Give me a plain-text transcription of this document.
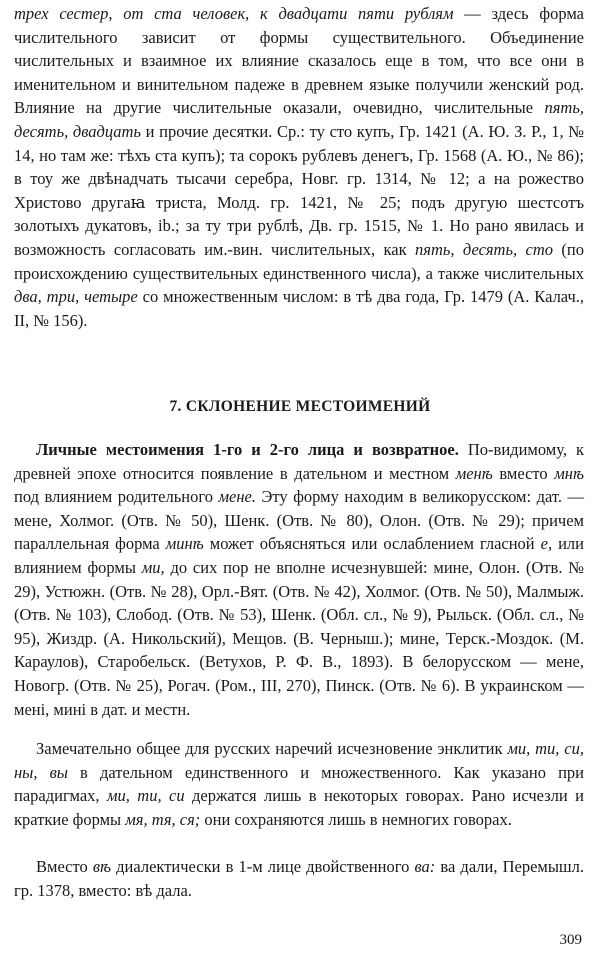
трех сестер, от ста человек, к двадцати пяти рублям — здесь форма числительного зависит от формы существительного. Объединение числительных и взаимное их влияние сказалось еще в том, что все они в именительном и винительном падеже в древнем языке получили женский род. Влияние на другие числительные оказали, очевидно, числительные пять, десять, двадцать и прочие десятки. Ср.: ту сто купъ, Гр. 1421 (А. Ю. З. Р., 1, № 14, но там же: тѣхъ ста купъ); та сорокъ рублевъ денегъ, Гр. 1568 (А. Ю., № 86); в тоу же двѣнадчать тысачи серебра, Новг. гр. 1314, № 12; а на рожество Христово другаꙗ триста, Молд. гр. 1421, № 25; подъ другую шестсотъ золотыхъ дукатовъ, ib.; за ту три рублѣ, Дв. гр. 1515, № 1. Но рано явилась и возможность согласовать им.-вин. числительных, как пять, десять, сто (по происхождению существительных единственного числа), а также числительных два, три, четыре со множественным числом: в тѣ два года, Гр. 1479 (А. Калач., II, № 156).

7. СКЛОНЕНИЕ МЕСТОИМЕНИЙ

Личные местоимения 1-го и 2-го лица и возвратное. По-видимому, к древней эпохе относится появление в дательном и местном менѣ вместо мнѣ под влиянием родительного мене. Эту форму находим в великорусском: дат. — мене, Холмог. (Отв. № 50), Шенк. (Отв. № 80), Олон. (Отв. № 29); причем параллельная форма минѣ может объясняться или ослаблением гласной е, или влиянием формы ми, до сих пор не вполне исчезнувшей: мине, Олон. (Отв. № 29), Устюжн. (Отв. № 28), Орл.-Вят. (Отв. № 42), Холмог. (Отв. № 50), Малмыж. (Отв. № 103), Слобод. (Отв. № 53), Шенк. (Обл. сл., № 9), Рыльск. (Обл. сл., № 95), Жиздр. (А. Никольский), Мещов. (В. Черныш.); мине, Терск.-Моздок. (М. Караулов), Старобельск. (Ветухов, Р. Ф. В., 1893). В белорусском — мене, Новогр. (Отв. № 25), Рогач. (Ром., III, 270), Пинск. (Отв. № 6). В украинском — менi, минi в дат. и местн.

Замечательно общее для русских наречий исчезновение энклитик ми, ти, си, ны, вы в дательном единственного и множественного. Как указано при парадигмах, ми, ти, си держатся лишь в некоторых говорах. Рано исчезли и краткие формы мя, тя, ся; они сохраняются лишь в немногих говорах.

Вместо вѣ диалектически в 1-м лице двойственного ва: ва дали, Перемышл. гр. 1378, вместо: вѣ дала.

309
